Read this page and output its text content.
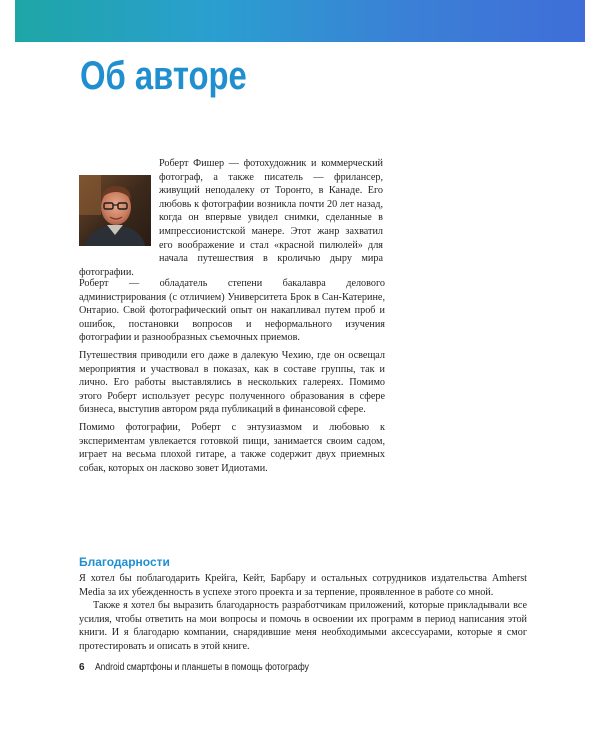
Об авторе

Роберт Фишер — фотохудожник и коммерческий фотограф, а также писатель — фрилансер, живущий неподалеку от Торонто, в Канаде. Его любовь к фотографии возникла почти 20 лет назад, когда он впервые увидел снимки, сделанные в импрессионистской манере. Этот жанр захватил его воображение и стал «красной пилюлей» для начала путешествия в кроличью дыру мира фотографии.

Роберт — обладатель степени бакалавра делового администрирования (с отличием) Университета Брок в Сан-Катерине, Онтарио. Свой фотографический опыт он накапливал путем проб и ошибок, постановки вопросов и неформального изучения фотографии и разнообразных съемочных приемов.

Путешествия приводили его даже в далекую Чехию, где он освещал мероприятия и участвовал в показах, как в составе группы, так и лично. Его работы выставлялись в нескольких галереях. Помимо этого Роберт использует ресурс полученного образования в сфере бизнеса, выступив автором ряда публикаций в финансовой сфере.

Помимо фотографии, Роберт с энтузиазмом и любовью к экспериментам увлекается готовкой пищи, занимается своим садом, играет на весьма плохой гитаре, а также содержит двух приемных собак, которых он ласково зовет Идиотами.

Благодарности

Я хотел бы поблагодарить Крейга, Кейт, Барбару и остальных сотрудников издательства Amherst Media за их убежденность в успехе этого проекта и за терпение, проявленное в работе со мной.

Также я хотел бы выразить благодарность разработчикам приложений, которые прикладывали все усилия, чтобы ответить на мои вопросы и помочь в освоении их программ в период написания этой книги. И я благодарю компании, снарядившие меня необходимыми аксессуарами, которые я смог протестировать и описать в этой книге.

6 Android смартфоны и планшеты в помощь фотографу
